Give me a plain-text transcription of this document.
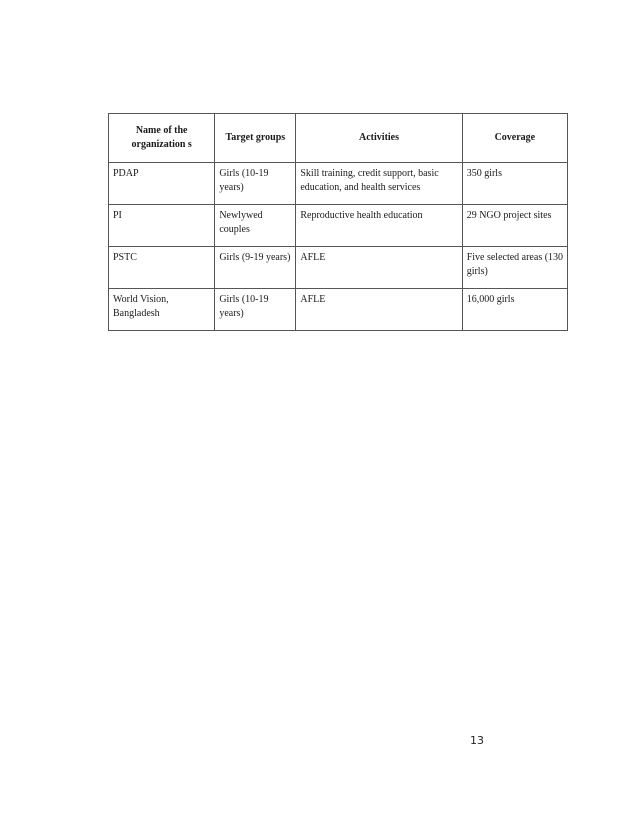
Name of the organization s	Target groups	Activities	Coverage
PDAP	Girls (10-19 years)	Skill training, credit support, basic education, and health services	350 girls
PI	Newlywed couples	Reproductive health education	29 NGO project sites
PSTC	Girls (9-19 years)	AFLE	Five selected areas (130 girls)
World Vision, Bangladesh	Girls (10-19 years)	AFLE	16,000 girls
13
